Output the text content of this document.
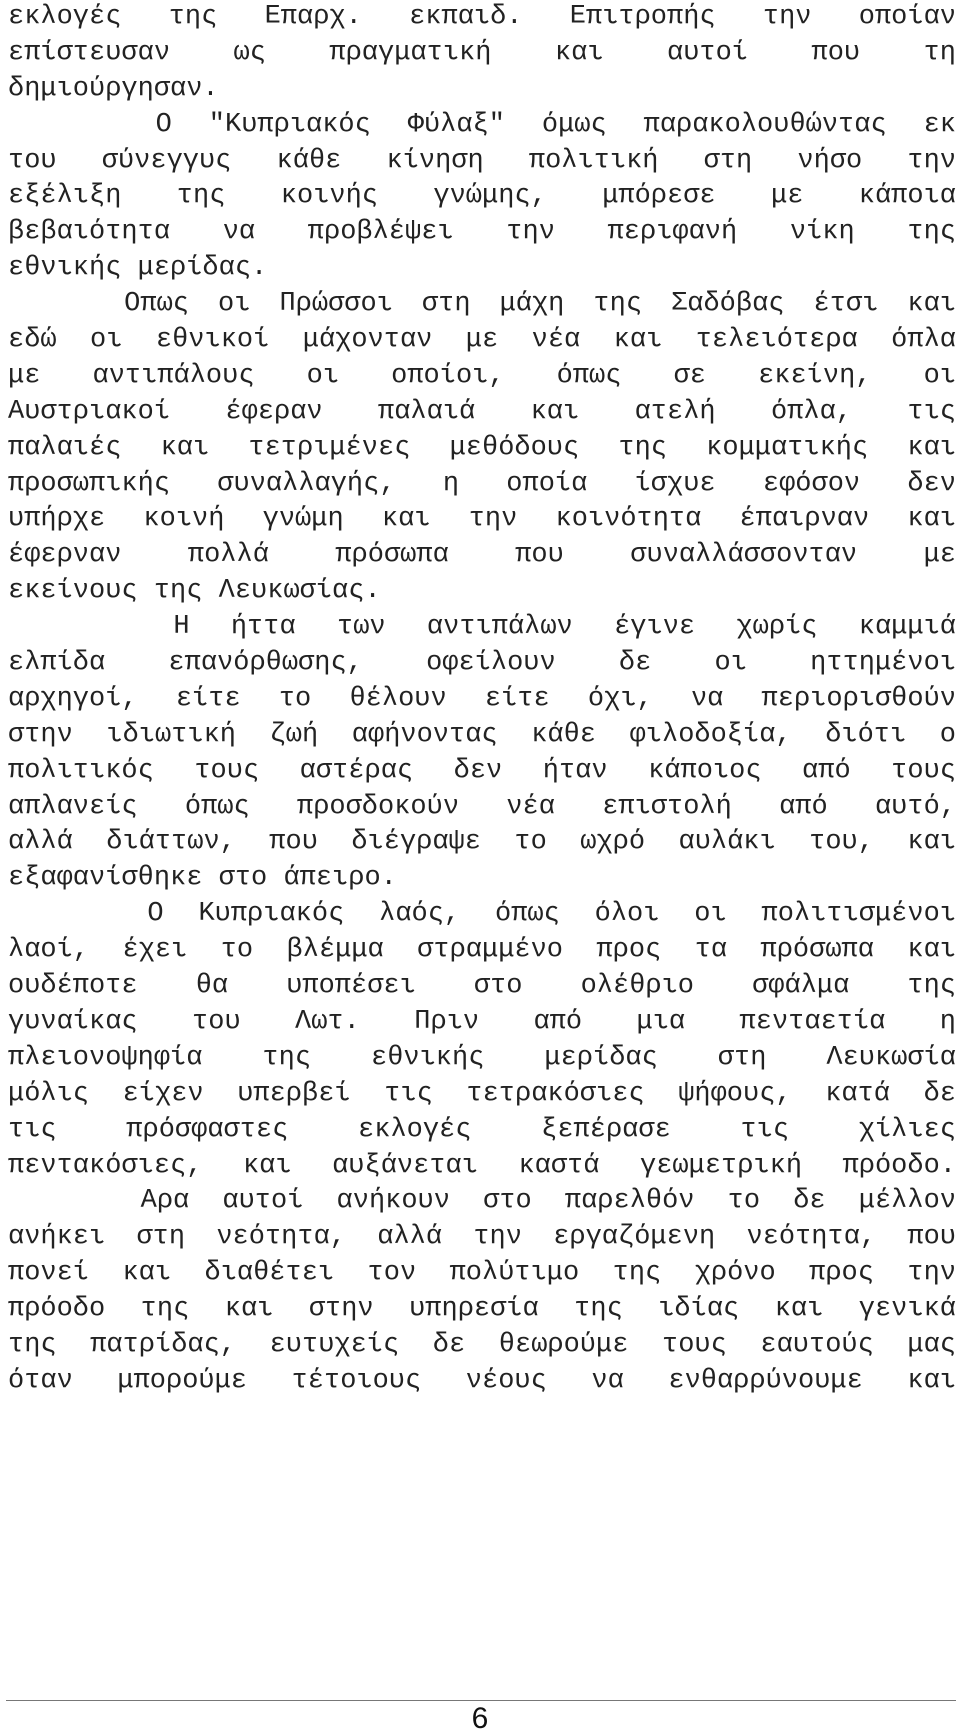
εκλογές της Επαρχ. εκπαιδ. Επιτροπής την οποίαν
επίστευσαν ως πραγματική και αυτοί που τη
δημιούργησαν.
Ο "Κυπριακός Φύλαξ" όμως παρακολουθώντας εκ
του σύνεγγυς κάθε κίνηση πολιτική στη νήσο την
εξέλιξη της κοινής γνώμης, μπόρεσε με κάποια
βεβαιότητα να προβλέψει την περιφανή νίκη της
εθνικής μερίδας.
Οπως οι Πρώσσοι στη μάχη της Σαδόβας έτσι και
εδώ οι εθνικοί μάχονταν με νέα και τελειότερα όπλα
με αντιπάλους οι οποίοι, όπως σε εκείνη, οι
Αυστριακοί έφεραν παλαιά και ατελή όπλα, τις
παλαιές και τετριμένες μεθόδους της κομματικής και
προσωπικής συναλλαγής, η οποία ίσχυε εφόσον δεν
υπήρχε κοινή γνώμη και την κοινότητα έπαιρναν και
έφερναν πολλά πρόσωπα που συναλλάσσονταν με
εκείνους της Λευκωσίας.
Η ήττα των αντιπάλων έγινε χωρίς καμμιά
ελπίδα επανόρθωσης, οφείλουν δε οι ηττημένοι
αρχηγοί, είτε το θέλουν είτε όχι, να περιορισθούν
στην ιδιωτική ζωή αφήνοντας κάθε φιλοδοξία, διότι ο
πολιτικός τους αστέρας δεν ήταν κάποιος από τους
απλανείς όπως προσδοκούν νέα επιστολή από αυτό,
αλλά διάττων, που διέγραψε το ωχρό αυλάκι του, και
εξαφανίσθηκε στο άπειρο.
Ο Κυπριακός λαός, όπως όλοι οι πολιτισμένοι
λαοί, έχει το βλέμμα στραμμένο προς τα πρόσωπα και
ουδέποτε θα υποπέσει στο ολέθριο σφάλμα της
γυναίκας του Λωτ. Πριν από μια πενταετία η
πλειονοψηφία της εθνικής μερίδας στη Λευκωσία
μόλις είχεν υπερβεί τις τετρακόσιες ψήφους, κατά δε
τις πρόσφαστες εκλογές ξεπέρασε τις χίλιες
πεντακόσιες, και αυξάνεται καστά γεωμετρική πρόοδο.
Αρα αυτοί ανήκουν στο παρελθόν το δε μέλλον
ανήκει στη νεότητα, αλλά την εργαζόμενη νεότητα, που
πονεί και διαθέτει τον πολύτιμο της χρόνο προς την
πρόοδο της και στην υπηρεσία της ιδίας και γενικά
της πατρίδας, ευτυχείς δε θεωρούμε τους εαυτούς μας
όταν μπορούμε τέτοιους νέους να ενθαρρύνουμε και
6
